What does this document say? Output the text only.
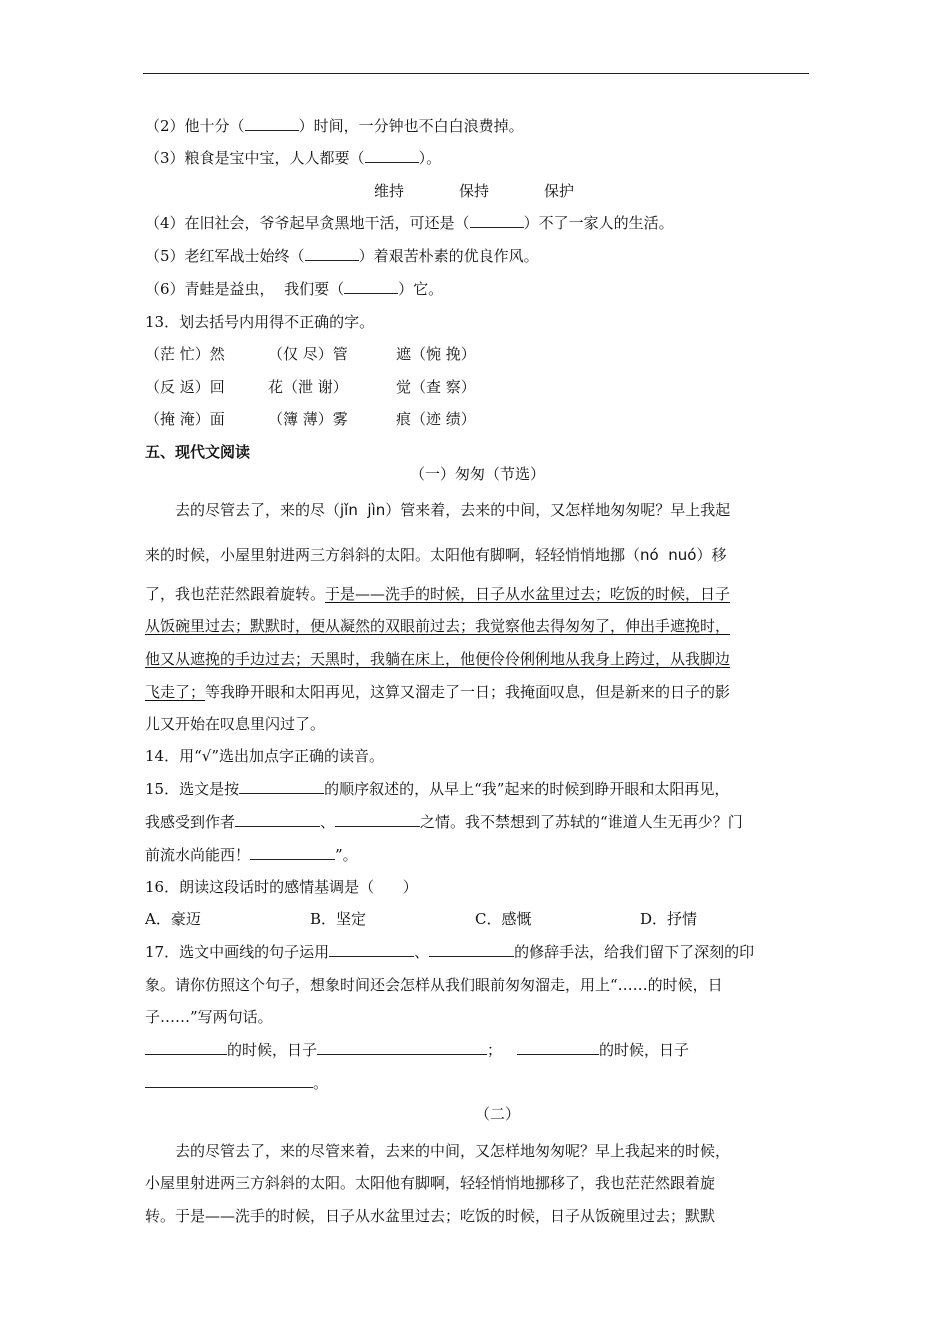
（2）他十分（	）时间，一分钟也不白白浪费掉。
（3）粮食是宝中宝，人人都要（	）。
维持	保持	保护
（4）在旧社会，爷爷起早贪黑地干活，可还是（	）不了一家人的生活。
（5）老红军战士始终（	）着艰苦朴素的优良作风。
（6）青蛙是益虫，  我们要（	）它。
13．划去括号内用得不正确的字。
（茫 忙）然	（仅 尽）管	遮（惋 挽）
（反 返）回	花（泄 谢）	觉（查 察）
（掩 淹）面	（簿 薄）雾	痕（迹 绩）
五、现代文阅读
（一）匆匆（节选）
去的尽管去了，来的尽（jǐn  jìn）管来着，去来的中间，又怎样地匆匆呢？早上我起
来的时候，小屋里射进两三方斜斜的太阳。太阳他有脚啊，轻轻悄悄地挪（nó  nuó）移
了，我也茫茫然跟着旋转。于是——洗手的时候，日子从水盆里过去；吃饭的时候，日子
从饭碗里过去；默默时，便从凝然的双眼前过去；我觉察他去得匆匆了，伸出手遮挽时，
他又从遮挽的手边过去；天黑时，我躺在床上，他便伶伶俐俐地从我身上跨过，从我脚边
飞走了；等我睁开眼和太阳再见，这算又溜走了一日；我掩面叹息，但是新来的日子的影
儿又开始在叹息里闪过了。
14．用“√”选出加点字正确的读音。
15．选文是按	的顺序叙述的，从早上“我”起来的时候到睁开眼和太阳再见，
我感受到作者	、	之情。我不禁想到了苏轼的“谁道人生无再少？门
前流水尚能西！	”。
16．朗读这段话时的感情基调是（      ）
A．豪迈	B．坚定	C．感慨	D．抒情
17．选文中画线的句子运用	、	的修辞手法，给我们留下了深刻的印
象。请你仿照这个句子，想象时间还会怎样从我们眼前匆匆溜走，用上“……的时候，日
子……”写两句话。
的时候，日子	；	的时候，日子
。
（二）
去的尽管去了，来的尽管来着，去来的中间，又怎样地匆匆呢？早上我起来的时候，
小屋里射进两三方斜斜的太阳。太阳他有脚啊，轻轻悄悄地挪移了，我也茫茫然跟着旋
转。于是——洗手的时候，日子从水盆里过去；吃饭的时候，日子从饭碗里过去；默默
